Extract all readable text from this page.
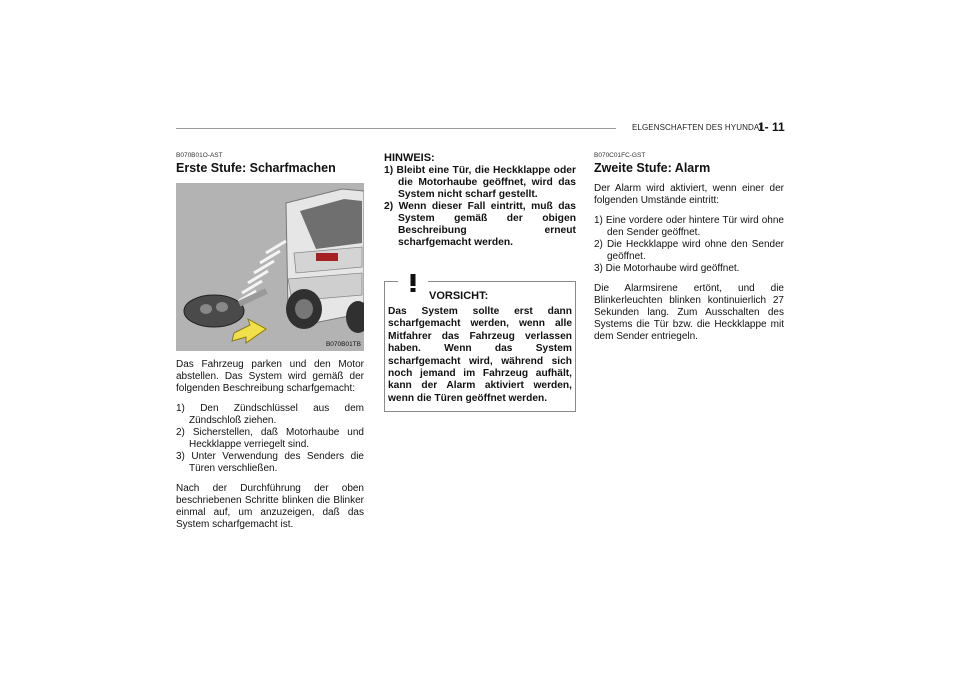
ELGENSCHAFTEN DES HYUNDAI
1- 11
B070B01O-AST
Erste Stufe: Scharfmachen
B070B01TB

Das Fahrzeug parken und den Motor abstellen. Das System wird gemäß der folgenden Beschreibung scharfgemacht:

1) Den Zündschlüssel aus dem Zündschloß ziehen.
2) Sicherstellen, daß Motorhaube und Heckklappe verriegelt sind.
3) Unter Verwendung des Senders die Türen verschließen.

Nach der Durchführung der oben beschriebenen Schritte blinken die Blinker einmal auf, um anzuzeigen, daß das System scharfgemacht ist.

HINWEIS:
1) Bleibt eine Tür, die Heckklappe oder die Motorhaube geöffnet, wird das System nicht scharf gestellt.
2) Wenn dieser Fall eintritt, muß das System gemäß der obigen Beschreibung erneut scharfgemacht werden.
VORSICHT:

Das System sollte erst dann scharfgemacht werden, wenn alle Mitfahrer das Fahrzeug verlassen haben. Wenn das System scharfgemacht wird, während sich noch jemand im Fahrzeug aufhält, kann der Alarm aktiviert werden, wenn die Türen geöffnet werden.

B070C01FC-GST
Zweite Stufe: Alarm

Der Alarm wird aktiviert, wenn einer der folgenden Umstände eintritt:

1) Eine vordere oder hintere Tür wird ohne den Sender geöffnet.
2) Die Heckklappe wird ohne den Sender geöffnet.
3) Die Motorhaube wird geöffnet.

Die Alarmsirene ertönt, und die Blinkerleuchten blinken kontinuierlich 27 Sekunden lang. Zum Ausschalten des Systems die Tür bzw. die Heckklappe mit dem Sender entriegeln.
